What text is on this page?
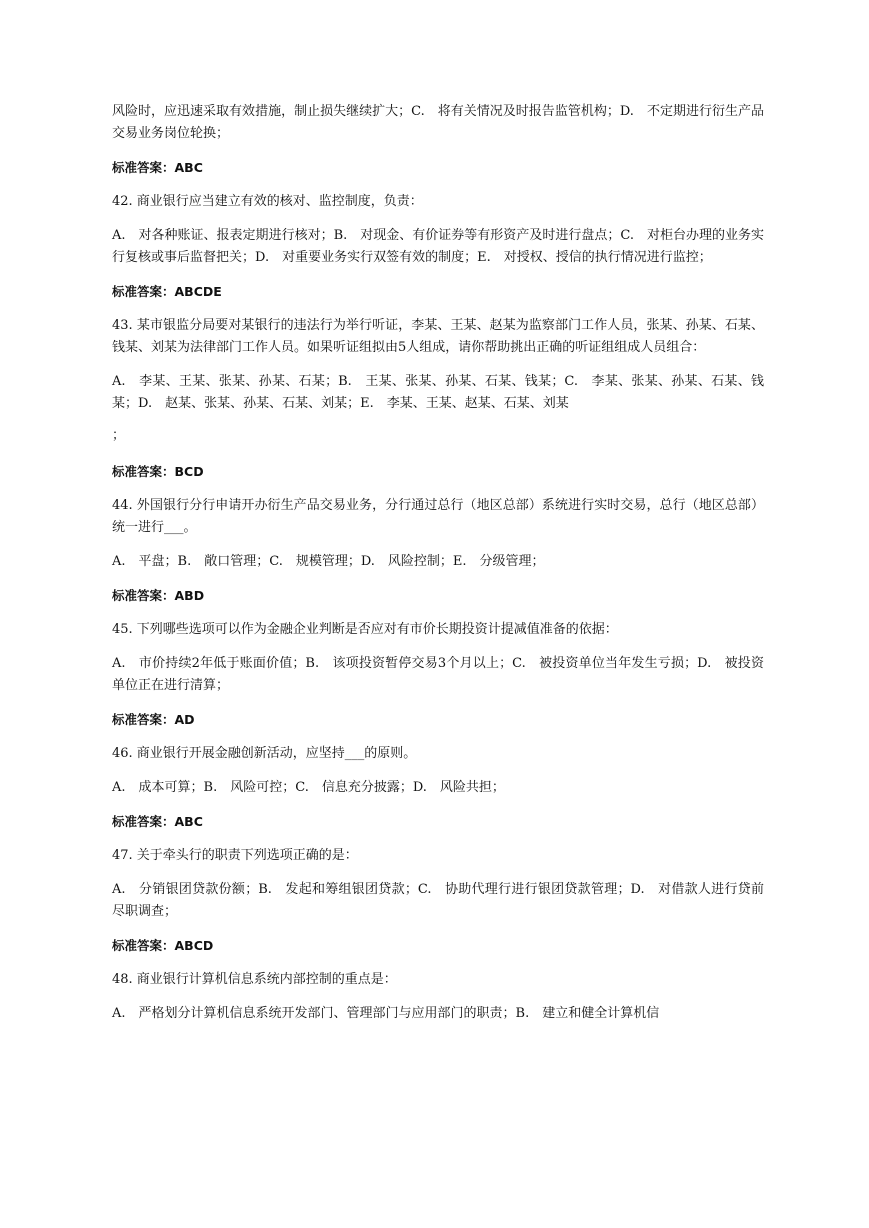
风险时，应迅速采取有效措施，制止损失继续扩大；C.　将有关情况及时报告监管机构；D.　不定期进行衍生产品交易业务岗位轮换；

标准答案：ABC

42. 商业银行应当建立有效的核对、监控制度，负责：

A.　对各种账证、报表定期进行核对；B.　对现金、有价证券等有形资产及时进行盘点；C.　对柜台办理的业务实行复核或事后监督把关；D.　对重要业务实行双签有效的制度；E.　对授权、授信的执行情况进行监控；

标准答案：ABCDE

43. 某市银监分局要对某银行的违法行为举行听证，李某、王某、赵某为监察部门工作人员，张某、孙某、石某、钱某、刘某为法律部门工作人员。如果听证组拟由5人组成，请你帮助挑出正确的听证组组成人员组合：

A.　李某、王某、张某、孙某、石某；B.　王某、张某、孙某、石某、钱某；C.　李某、张某、孙某、石某、钱某；D.　赵某、张某、孙某、石某、刘某；E.　李某、王某、赵某、石某、刘某

；

标准答案：BCD

44. 外国银行分行申请开办衍生产品交易业务，分行通过总行（地区总部）系统进行实时交易，总行（地区总部）统一进行___。

A.　平盘；B.　敞口管理；C.　规模管理；D.　风险控制；E.　分级管理；

标准答案：ABD

45. 下列哪些选项可以作为金融企业判断是否应对有市价长期投资计提减值准备的依据：

A.　市价持续2年低于账面价值；B.　该项投资暂停交易3个月以上；C.　被投资单位当年发生亏损；D.　被投资单位正在进行清算；

标准答案：AD

46. 商业银行开展金融创新活动，应坚持___的原则。

A.　成本可算；B.　风险可控；C.　信息充分披露；D.　风险共担；

标准答案：ABC

47. 关于牵头行的职责下列选项正确的是：

A.　分销银团贷款份额；B.　发起和筹组银团贷款；C.　协助代理行进行银团贷款管理；D.　对借款人进行贷前尽职调查；

标准答案：ABCD

48. 商业银行计算机信息系统内部控制的重点是：

A.　严格划分计算机信息系统开发部门、管理部门与应用部门的职责；B.　建立和健全计算机信
